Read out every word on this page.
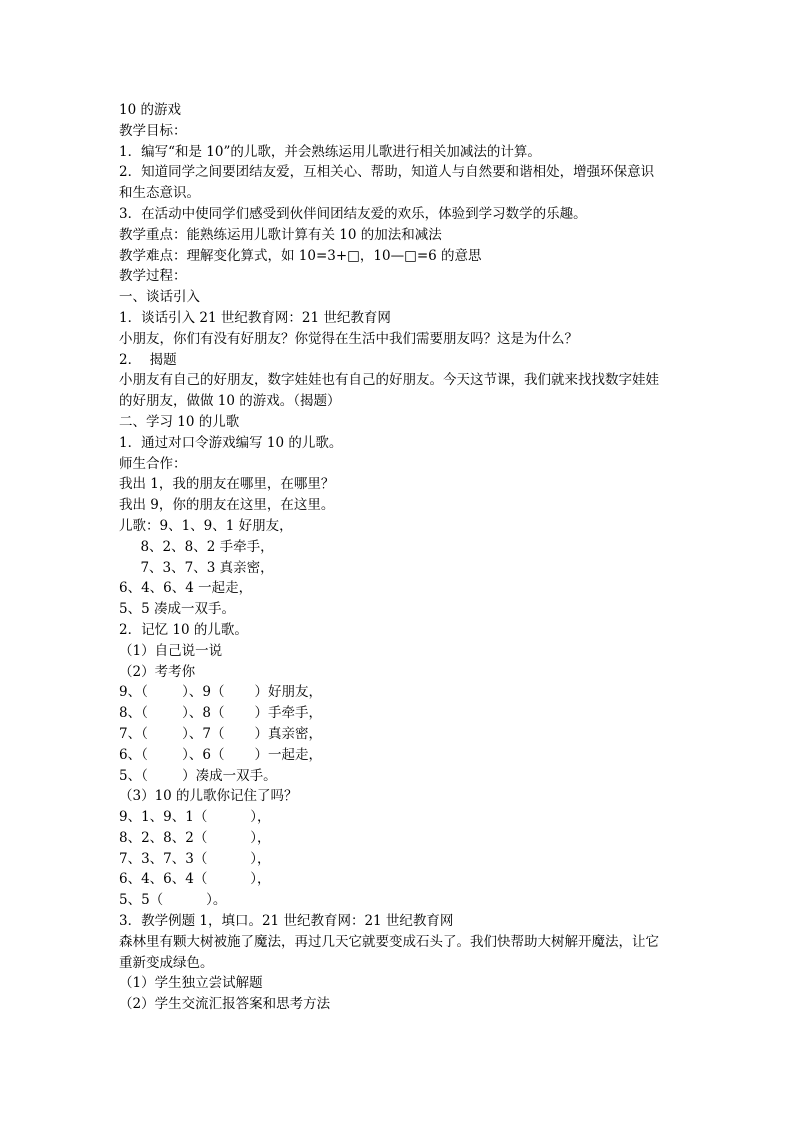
10 的游戏

教学目标：

1．编写“和是 10”的儿歌，并会熟练运用儿歌进行相关加减法的计算。

2．知道同学之间要团结友爱，互相关心、帮助，知道人与自然要和谐相处，增强环保意识

和生态意识。

3．在活动中使同学们感受到伙伴间团结友爱的欢乐，体验到学习数学的乐趣。

教学重点：能熟练运用儿歌计算有关 10 的加法和减法

教学难点：理解变化算式，如 10=3+□，10—□=6 的意思

教学过程：

一、谈话引入

1．谈话引入 21 世纪教育网：21 世纪教育网

小朋友，你们有没有好朋友？你觉得在生活中我们需要朋友吗？这是为什么？

2．  揭题

小朋友有自己的好朋友，数字娃娃也有自己的好朋友。今天这节课，我们就来找找数字娃娃

的好朋友，做做 10 的游戏。（揭题）

二、学习 10 的儿歌

1．通过对口令游戏编写 10 的儿歌。

师生合作：

我出 1，我的朋友在哪里，在哪里？

我出 9，你的朋友在这里，在这里。

儿歌：9、1、9、1 好朋友，

8、2、8、2 手牵手，

7、3、7、3 真亲密，

6、4、6、4 一起走，

5、5 凑成一双手。

2．记忆 10 的儿歌。

（1）自己说一说

（2）考考你

9、（        ）、9（       ）好朋友，

8、（        ）、8（       ）手牵手，

7、（        ）、7（       ）真亲密，

6、（        ）、6（       ）一起走，

5、（        ）凑成一双手。

（3）10 的儿歌你记住了吗？

9、1、9、1（          ），

8、2、8、2（          ），

7、3、7、3（          ），

6、4、6、4（          ），

5、5（          ）。

3．教学例题 1，填口。21 世纪教育网：21 世纪教育网

森林里有颗大树被施了魔法，再过几天它就要变成石头了。我们快帮助大树解开魔法，让它

重新变成绿色。

（1）学生独立尝试解题

（2）学生交流汇报答案和思考方法
